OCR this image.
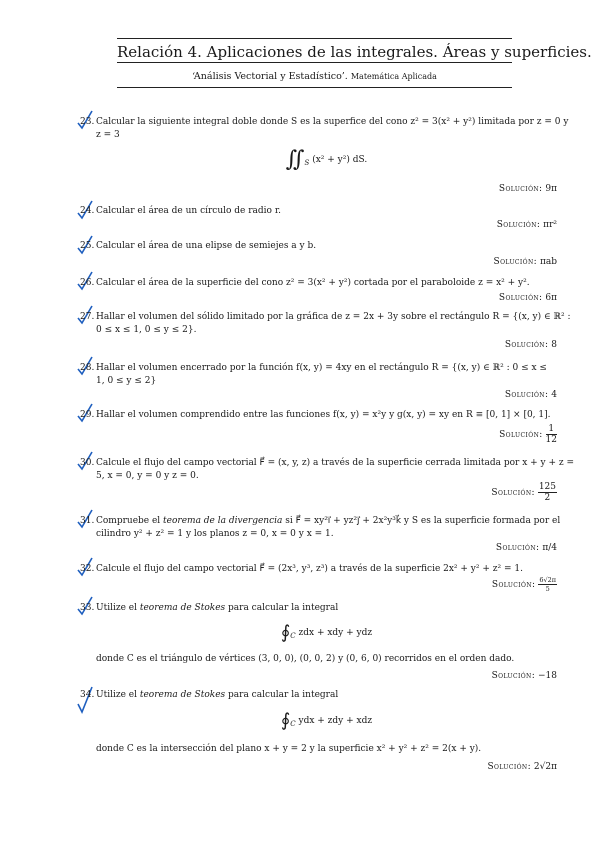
Relación 4. Aplicaciones de las integrales. Áreas y superficies.
‘Análisis Vectorial y Estadístico’. Matemática Aplicada
23. Calcular la siguiente integral doble donde S es la superfice del cono z² = 3(x² + y²) limitada por z = 0 y
z = 3
$∬_S$ (x² + y²) dS.
Solución: 9π
24. Calcular el área de un círculo de radio r.
Solución: πr²
25. Calcular el área de una elipse de semiejes a y b.
Solución: πab
26. Calcular el área de la superficie del cono z² = 3(x² + y²) cortada por el paraboloide z = x² + y².
Solución: 6π
27. Hallar el volumen del sólido limitado por la gráfica de z = 2x + 3y sobre el rectángulo R = {(x, y) ∈ ℝ² :
0 ≤ x ≤ 1, 0 ≤ y ≤ 2}.
Solución: 8
28. Hallar el volumen encerrado por la función f(x, y) = 4xy en el rectángulo R = {(x, y) ∈ ℝ² : 0 ≤ x ≤
1, 0 ≤ y ≤ 2}
Solución: 4
29. Hallar el volumen comprendido entre las funciones f(x, y) = x²y y g(x, y) = xy en R ≡ [0, 1] × [0, 1].
Solución: $\frac{1}{12}$
30. Calcule el flujo del campo vectorial F⃗ = (x, y, z) a través de la superficie cerrada limitada por x + y + z =
5, x = 0, y = 0 y z = 0.
Solución: $\frac{125}{2}$
31. Compruebe el teorema de la divergencia si F⃗ = xy²i⃗ + yz²j⃗ + 2x²y³k⃗ y S es la superficie formada por el
cilindro y² + z² = 1 y los planos z = 0, x = 0 y x = 1.
Solución: π/4
32. Calcule el flujo del campo vectorial F⃗ = (2x³, y³, z³) a través de la superficie 2x² + y² + z² = 1.
Solución: $\frac{6√2\pi}{5}$
33. Utilize el teorema de Stokes para calcular la integral
$∮_C$ zdx + xdy + ydz
donde C es el triángulo de vértices (3, 0, 0), (0, 0, 2) y (0, 6, 0) recorridos en el orden dado.
Solución: −18
34. Utilize el teorema de Stokes para calcular la integral
$∮_C$ ydx + zdy + xdz
donde C es la intersección del plano x + y = 2 y la superficie x² + y² + z² = 2(x + y).
Solución: 2√2π
